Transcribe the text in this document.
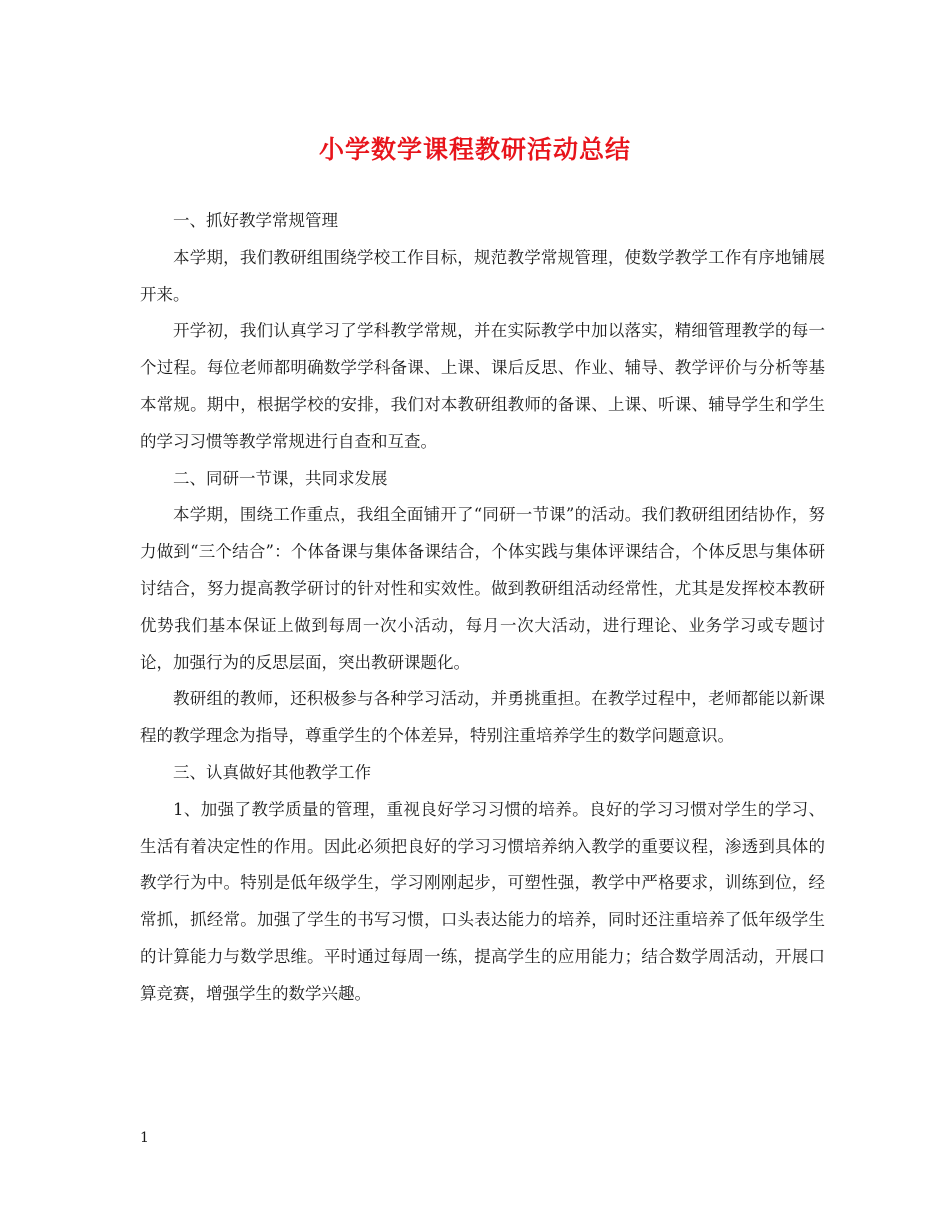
小学数学课程教研活动总结

一、抓好教学常规管理

本学期，我们教研组围绕学校工作目标，规范教学常规管理，使数学教学工作有序地铺展开来。

开学初，我们认真学习了学科教学常规，并在实际教学中加以落实，精细管理教学的每一个过程。每位老师都明确数学学科备课、上课、课后反思、作业、辅导、教学评价与分析等基本常规。期中，根据学校的安排，我们对本教研组教师的备课、上课、听课、辅导学生和学生的学习习惯等教学常规进行自查和互查。

二、同研一节课，共同求发展

本学期，围绕工作重点，我组全面铺开了“同研一节课”的活动。我们教研组团结协作，努力做到“三个结合”：个体备课与集体备课结合，个体实践与集体评课结合，个体反思与集体研讨结合，努力提高教学研讨的针对性和实效性。做到教研组活动经常性，尤其是发挥校本教研优势我们基本保证上做到每周一次小活动，每月一次大活动，进行理论、业务学习或专题讨论，加强行为的反思层面，突出教研课题化。

教研组的教师，还积极参与各种学习活动，并勇挑重担。在教学过程中，老师都能以新课程的教学理念为指导，尊重学生的个体差异，特别注重培养学生的数学问题意识。

三、认真做好其他教学工作

1、加强了教学质量的管理，重视良好学习习惯的培养。良好的学习习惯对学生的学习、生活有着决定性的作用。因此必须把良好的学习习惯培养纳入教学的重要议程，渗透到具体的教学行为中。特别是低年级学生，学习刚刚起步，可塑性强，教学中严格要求，训练到位，经常抓，抓经常。加强了学生的书写习惯，口头表达能力的培养，同时还注重培养了低年级学生的计算能力与数学思维。平时通过每周一练，提高学生的应用能力；结合数学周活动，开展口算竞赛，增强学生的数学兴趣。

1
